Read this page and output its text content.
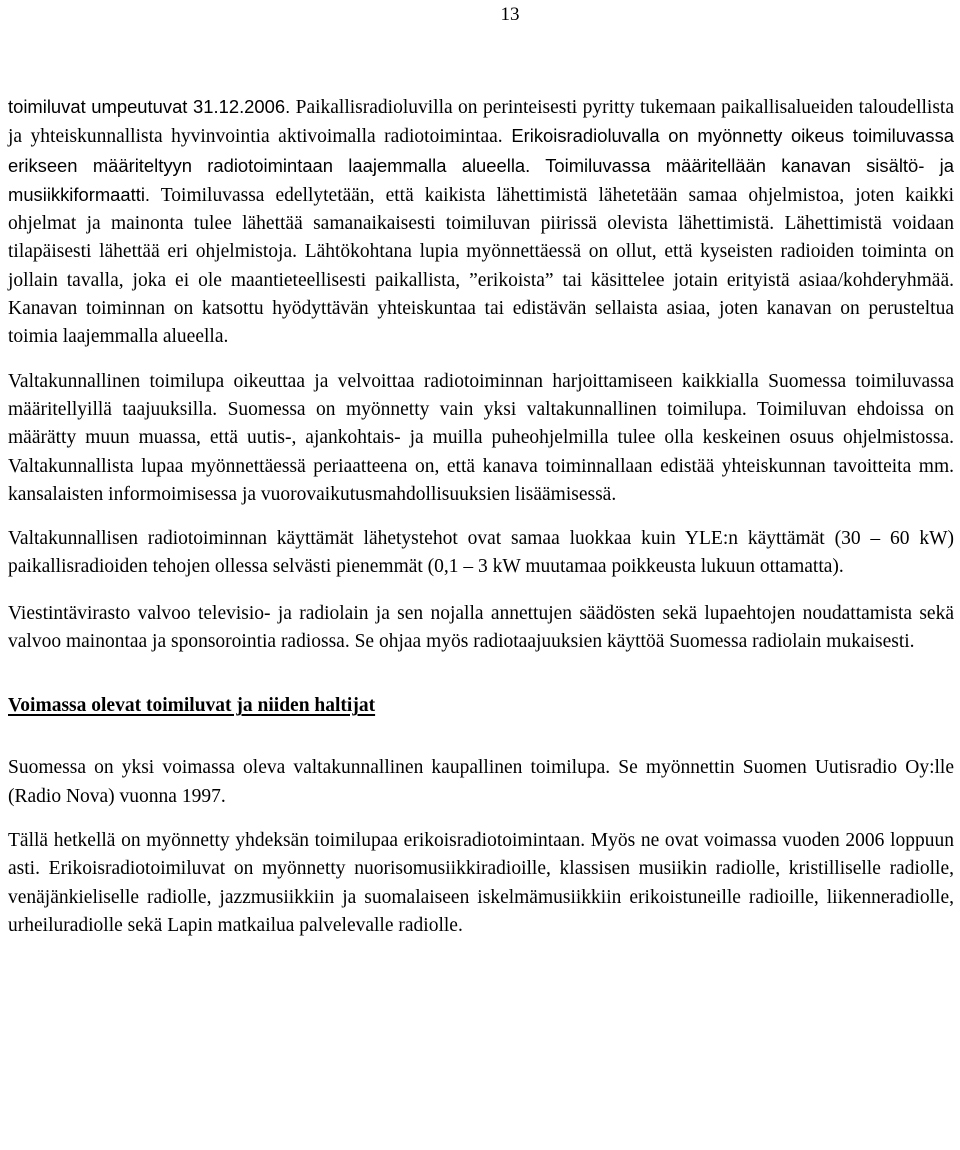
13

toimiluvat umpeutuvat 31.12.2006. Paikallisradioluvilla on perinteisesti pyritty tukemaan paikallisalueiden taloudellista ja yhteiskunnallista hyvinvointia aktivoimalla radiotoimintaa. Erikoisradioluvalla on myönnetty oikeus toimiluvassa erikseen määriteltyyn radiotoimintaan laajemmalla alueella. Toimiluvassa määritellään kanavan sisältö- ja musiikkiformaatti. Toimiluvassa edellytetään, että kaikista lähettimistä lähetetään samaa ohjelmistoa, joten kaikki ohjelmat ja mainonta tulee lähettää samanaikaisesti toimiluvan piirissä olevista lähettimistä. Lähettimistä voidaan tilapäisesti lähettää eri ohjelmistoja. Lähtökohtana lupia myönnettäessä on ollut, että kyseisten radioiden toiminta on jollain tavalla, joka ei ole maantieteellisesti paikallista, ”erikoista” tai käsittelee jotain erityistä asiaa/kohderyhmää. Kanavan toiminnan on katsottu hyödyttävän yhteiskuntaa tai edistävän sellaista asiaa, joten kanavan on perusteltua toimia laajemmalla alueella.

Valtakunnallinen toimilupa oikeuttaa ja velvoittaa radiotoiminnan harjoittamiseen kaikkialla Suomessa toimiluvassa määritellyillä taajuuksilla. Suomessa on myönnetty vain yksi valtakunnallinen toimilupa. Toimiluvan ehdoissa on määrätty muun muassa, että uutis-, ajankohtais- ja muilla puheohjelmilla tulee olla keskeinen osuus ohjelmistossa. Valtakunnallista lupaa myönnettäessä periaatteena on, että kanava toiminnallaan edistää yhteiskunnan tavoitteita mm. kansalaisten informoimisessa ja vuorovaikutusmahdollisuuksien lisäämisessä.

Valtakunnallisen radiotoiminnan käyttämät lähetystehot ovat samaa luokkaa kuin YLE:n käyttämät (30 – 60 kW) paikallisradioiden tehojen ollessa selvästi pienemmät (0,1 – 3 kW muutamaa poikkeusta lukuun ottamatta).

Viestintävirasto valvoo televisio- ja radiolain ja sen nojalla annettujen säädösten sekä lupaehtojen noudattamista sekä valvoo mainontaa ja sponsorointia radiossa. Se ohjaa myös radiotaajuuksien käyttöä Suomessa radiolain mukaisesti.

Voimassa olevat toimiluvat ja niiden haltijat

Suomessa on yksi voimassa oleva valtakunnallinen kaupallinen toimilupa. Se myönnettin Suomen Uutisradio Oy:lle (Radio Nova) vuonna 1997.

Tällä hetkellä on myönnetty yhdeksän toimilupaa erikoisradiotoimintaan. Myös ne ovat voimassa vuoden 2006 loppuun asti. Erikoisradiotoimiluvat on myönnetty nuorisomusiikkiradioille, klassisen musiikin radiolle, kristilliselle radiolle, venäjänkieliselle radiolle, jazzmusiikkiin ja suomalaiseen iskelmämusiikkiin erikoistuneille radioille, liikenneradiolle, urheiluradiolle sekä Lapin matkailua palvelevalle radiolle.
